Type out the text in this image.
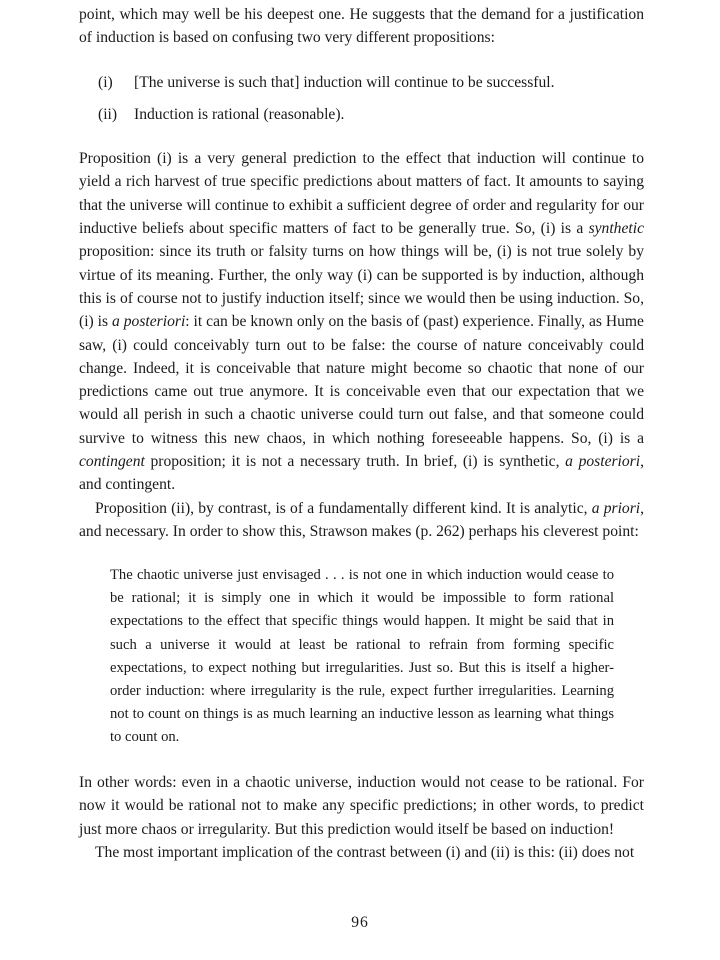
point, which may well be his deepest one. He suggests that the demand for a justification of induction is based on confusing two very different propositions:

(i)	[The universe is such that] induction will continue to be successful.
(ii)	Induction is rational (reasonable).

Proposition (i) is a very general prediction to the effect that induction will continue to yield a rich harvest of true specific predictions about matters of fact. It amounts to saying that the universe will continue to exhibit a sufficient degree of order and regularity for our inductive beliefs about specific matters of fact to be generally true. So, (i) is a synthetic proposition: since its truth or falsity turns on how things will be, (i) is not true solely by virtue of its meaning. Further, the only way (i) can be supported is by induction, although this is of course not to justify induction itself; since we would then be using induction. So, (i) is a posteriori: it can be known only on the basis of (past) experience. Finally, as Hume saw, (i) could conceivably turn out to be false: the course of nature conceivably could change. Indeed, it is conceivable that nature might become so chaotic that none of our predictions came out true anymore. It is conceivable even that our expectation that we would all perish in such a chaotic universe could turn out false, and that someone could survive to witness this new chaos, in which nothing foreseeable happens. So, (i) is a contingent proposition; it is not a necessary truth. In brief, (i) is synthetic, a posteriori, and contingent.

Proposition (ii), by contrast, is of a fundamentally different kind. It is analytic, a priori, and necessary. In order to show this, Strawson makes (p. 262) perhaps his cleverest point:

The chaotic universe just envisaged . . . is not one in which induction would cease to be rational; it is simply one in which it would be impossible to form rational expectations to the effect that specific things would happen. It might be said that in such a universe it would at least be rational to refrain from forming specific expectations, to expect nothing but irregularities. Just so. But this is itself a higher-order induction: where irregularity is the rule, expect further irregularities. Learning not to count on things is as much learning an inductive lesson as learning what things to count on.

In other words: even in a chaotic universe, induction would not cease to be rational. For now it would be rational not to make any specific predictions; in other words, to predict just more chaos or irregularity. But this prediction would itself be based on induction!

The most important implication of the contrast between (i) and (ii) is this: (ii) does not

96
